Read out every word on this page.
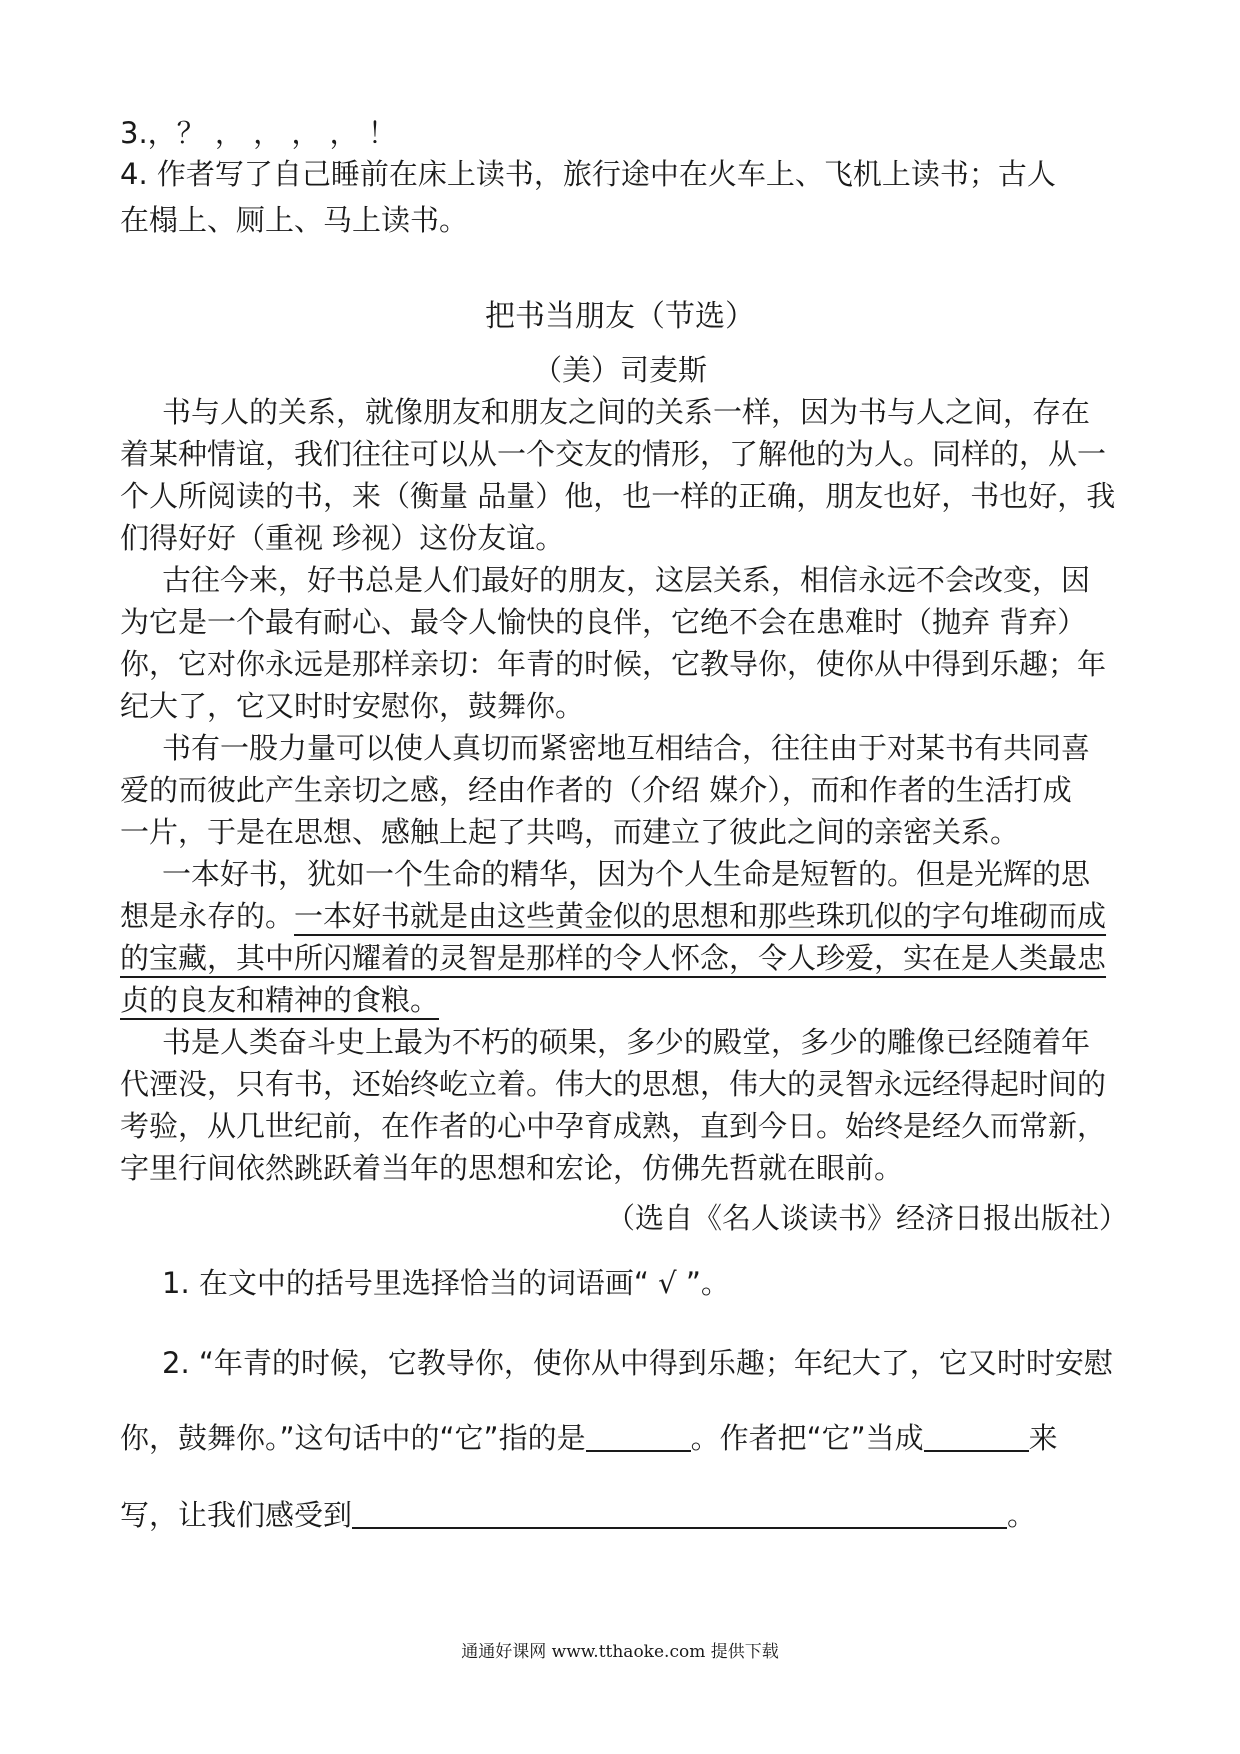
3.，？ ， ， ， ， ！
4. 作者写了自己睡前在床上读书，旅行途中在火车上、飞机上读书；古人
在榻上、厕上、马上读书。
把书当朋友（节选）
（美）司麦斯
书与人的关系，就像朋友和朋友之间的关系一样，因为书与人之间，存在
着某种情谊，我们往往可以从一个交友的情形，了解他的为人。同样的，从一
个人所阅读的书，来（衡量 品量）他，也一样的正确，朋友也好，书也好，我
们得好好（重视 珍视）这份友谊。
古往今来，好书总是人们最好的朋友，这层关系，相信永远不会改变，因
为它是一个最有耐心、最令人愉快的良伴，它绝不会在患难时（抛弃 背弃）
你，它对你永远是那样亲切：年青的时候，它教导你，使你从中得到乐趣；年
纪大了，它又时时安慰你，鼓舞你。
书有一股力量可以使人真切而紧密地互相结合，往往由于对某书有共同喜
爱的而彼此产生亲切之感，经由作者的（介绍 媒介），而和作者的生活打成
一片，于是在思想、感触上起了共鸣，而建立了彼此之间的亲密关系。
一本好书，犹如一个生命的精华，因为个人生命是短暂的。但是光辉的思
想是永存的。一本好书就是由这些黄金似的思想和那些珠玑似的字句堆砌而成
的宝藏，其中所闪耀着的灵智是那样的令人怀念，令人珍爱，实在是人类最忠
贞的良友和精神的食粮。
书是人类奋斗史上最为不朽的硕果，多少的殿堂，多少的雕像已经随着年
代湮没，只有书，还始终屹立着。伟大的思想，伟大的灵智永远经得起时间的
考验，从几世纪前，在作者的心中孕育成熟，直到今日。始终是经久而常新，
字里行间依然跳跃着当年的思想和宏论，仿佛先哲就在眼前。
（选自《名人谈读书》经济日报出版社）
1. 在文中的括号里选择恰当的词语画“ √ ”。
2. “年青的时候，它教导你，使你从中得到乐趣；年纪大了，它又时时安慰
你，鼓舞你。”这句话中的“它”指的是	。作者把“它”当成	来
写，让我们感受到	。
通通好课网 www.tthaoke.com 提供下载
